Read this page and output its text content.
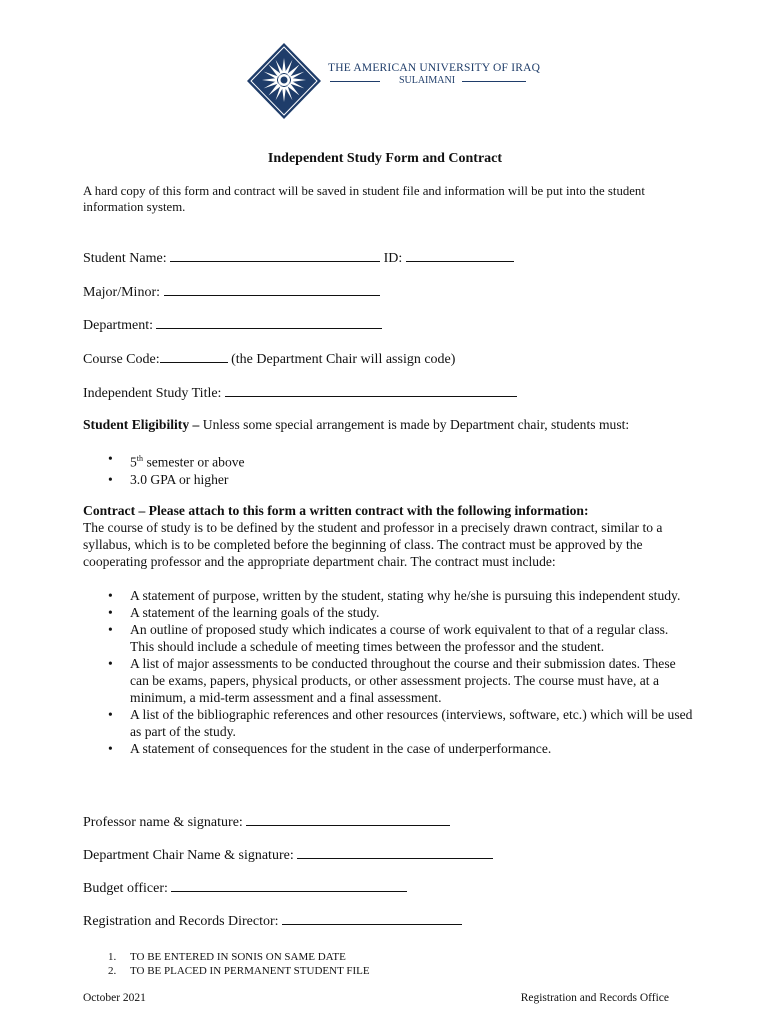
THE AMERICAN UNIVERSITY OF IRAQ
SULAIMANI
Independent Study Form and Contract
A hard copy of this form and contract will be saved in student file and information will be put into the student information system.
Student Name:	ID:
Major/Minor:
Department:
Course Code:	(the Department Chair will assign code)
Independent Study Title:
Student Eligibility – Unless some special arrangement is made by Department chair, students must:
• 5th semester or above
• 3.0 GPA or higher
Contract – Please attach to this form a written contract with the following information:
The course of study is to be defined by the student and professor in a precisely drawn contract, similar to a syllabus, which is to be completed before the beginning of class. The contract must be approved by the cooperating professor and the appropriate department chair. The contract must include:
• A statement of purpose, written by the student, stating why he/she is pursuing this independent study.
• A statement of the learning goals of the study.
• An outline of proposed study which indicates a course of work equivalent to that of a regular class. This should include a schedule of meeting times between the professor and the student.
• A list of major assessments to be conducted throughout the course and their submission dates. These can be exams, papers, physical products, or other assessment projects. The course must have, at a minimum, a mid-term assessment and a final assessment.
• A list of the bibliographic references and other resources (interviews, software, etc.) which will be used as part of the study.
• A statement of consequences for the student in the case of underperformance.
Professor name & signature:
Department Chair Name & signature:
Budget officer:
Registration and Records Director:
1. TO BE ENTERED IN SONIS ON SAME DATE
2. TO BE PLACED IN PERMANENT STUDENT FILE
October 2021	Registration and Records Office
